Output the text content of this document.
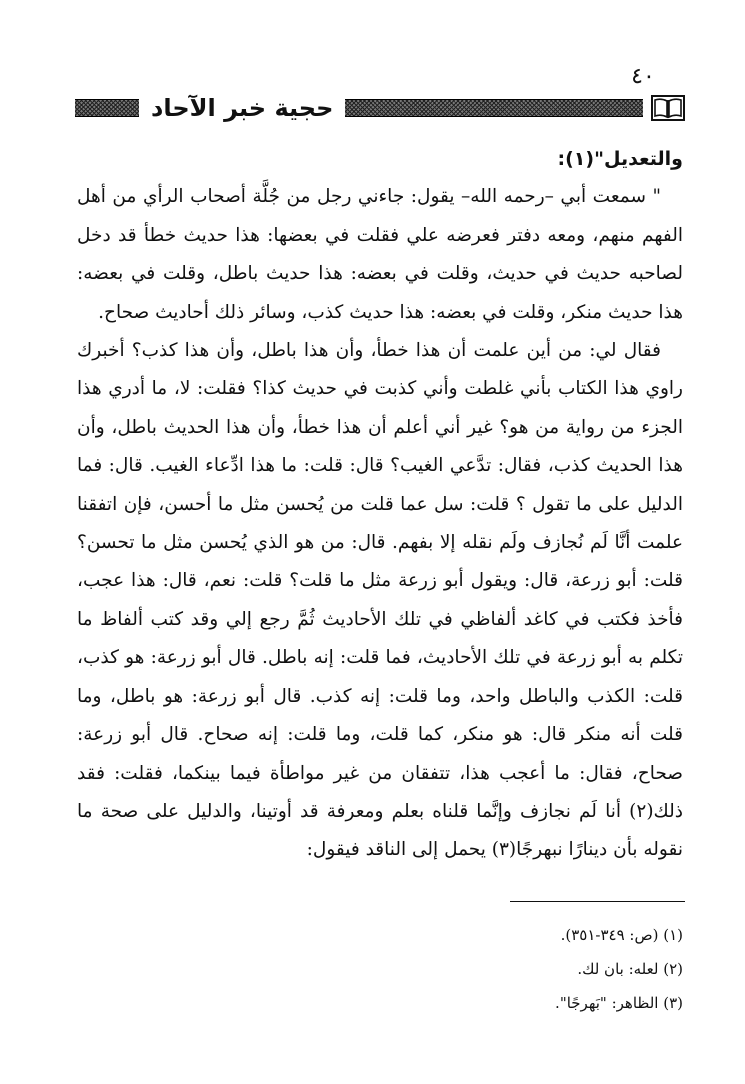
٤٠
حجية خبر الآحاد

والتعديل"(١):

" سمعت أبي –رحمه الله– يقول: جاءني رجل من جُلَّة أصحاب الرأي من أهل الفهم منهم، ومعه دفتر فعرضه علي فقلت في بعضها: هذا حديث خطأ قد دخل لصاحبه حديث في حديث، وقلت في بعضه: هذا حديث باطل، وقلت في بعضه: هذا حديث منكر، وقلت في بعضه: هذا حديث كذب، وسائر ذلك أحاديث صحاح.

فقال لي: من أين علمت أن هذا خطأ، وأن هذا باطل، وأن هذا كذب؟ أخبرك راوي هذا الكتاب بأني غلطت وأني كذبت في حديث كذا؟ فقلت: لا، ما أدري هذا الجزء من رواية من هو؟ غير أني أعلم أن هذا خطأ، وأن هذا الحديث باطل، وأن هذا الحديث كذب، فقال: تدَّعي الغيب؟ قال: قلت: ما هذا ادِّعاء الغيب. قال: فما الدليل على ما تقول ؟ قلت: سل عما قلت من يُحسن مثل ما أحسن، فإن اتفقنا علمت أنَّا لَم نُجازف ولَم نقله إلا بفهم. قال: من هو الذي يُحسن مثل ما تحسن؟ قلت: أبو زرعة، قال: ويقول أبو زرعة مثل ما قلت؟ قلت: نعم، قال: هذا عجب، فأخذ فكتب في كاغد ألفاظي في تلك الأحاديث ثُمَّ رجع إلي وقد كتب ألفاظ ما تكلم به أبو زرعة في تلك الأحاديث، فما قلت: إنه باطل. قال أبو زرعة: هو كذب، قلت: الكذب والباطل واحد، وما قلت: إنه كذب. قال أبو زرعة: هو باطل، وما قلت أنه منكر قال: هو منكر، كما قلت، وما قلت: إنه صحاح. قال أبو زرعة: صحاح، فقال: ما أعجب هذا، تتفقان من غير مواطأة فيما بينكما، فقلت: فقد ذلك(٢) أنا لَم نجازف وإنَّما قلناه بعلم ومعرفة قد أوتينا، والدليل على صحة ما نقوله بأن دينارًا نبهرجًا(٣) يحمل إلى الناقد فيقول:

(١) (ص: ٣٤٩-٣٥١).
(٢) لعله: بان لك.
(٣) الظاهر: "بَهرجًا".
